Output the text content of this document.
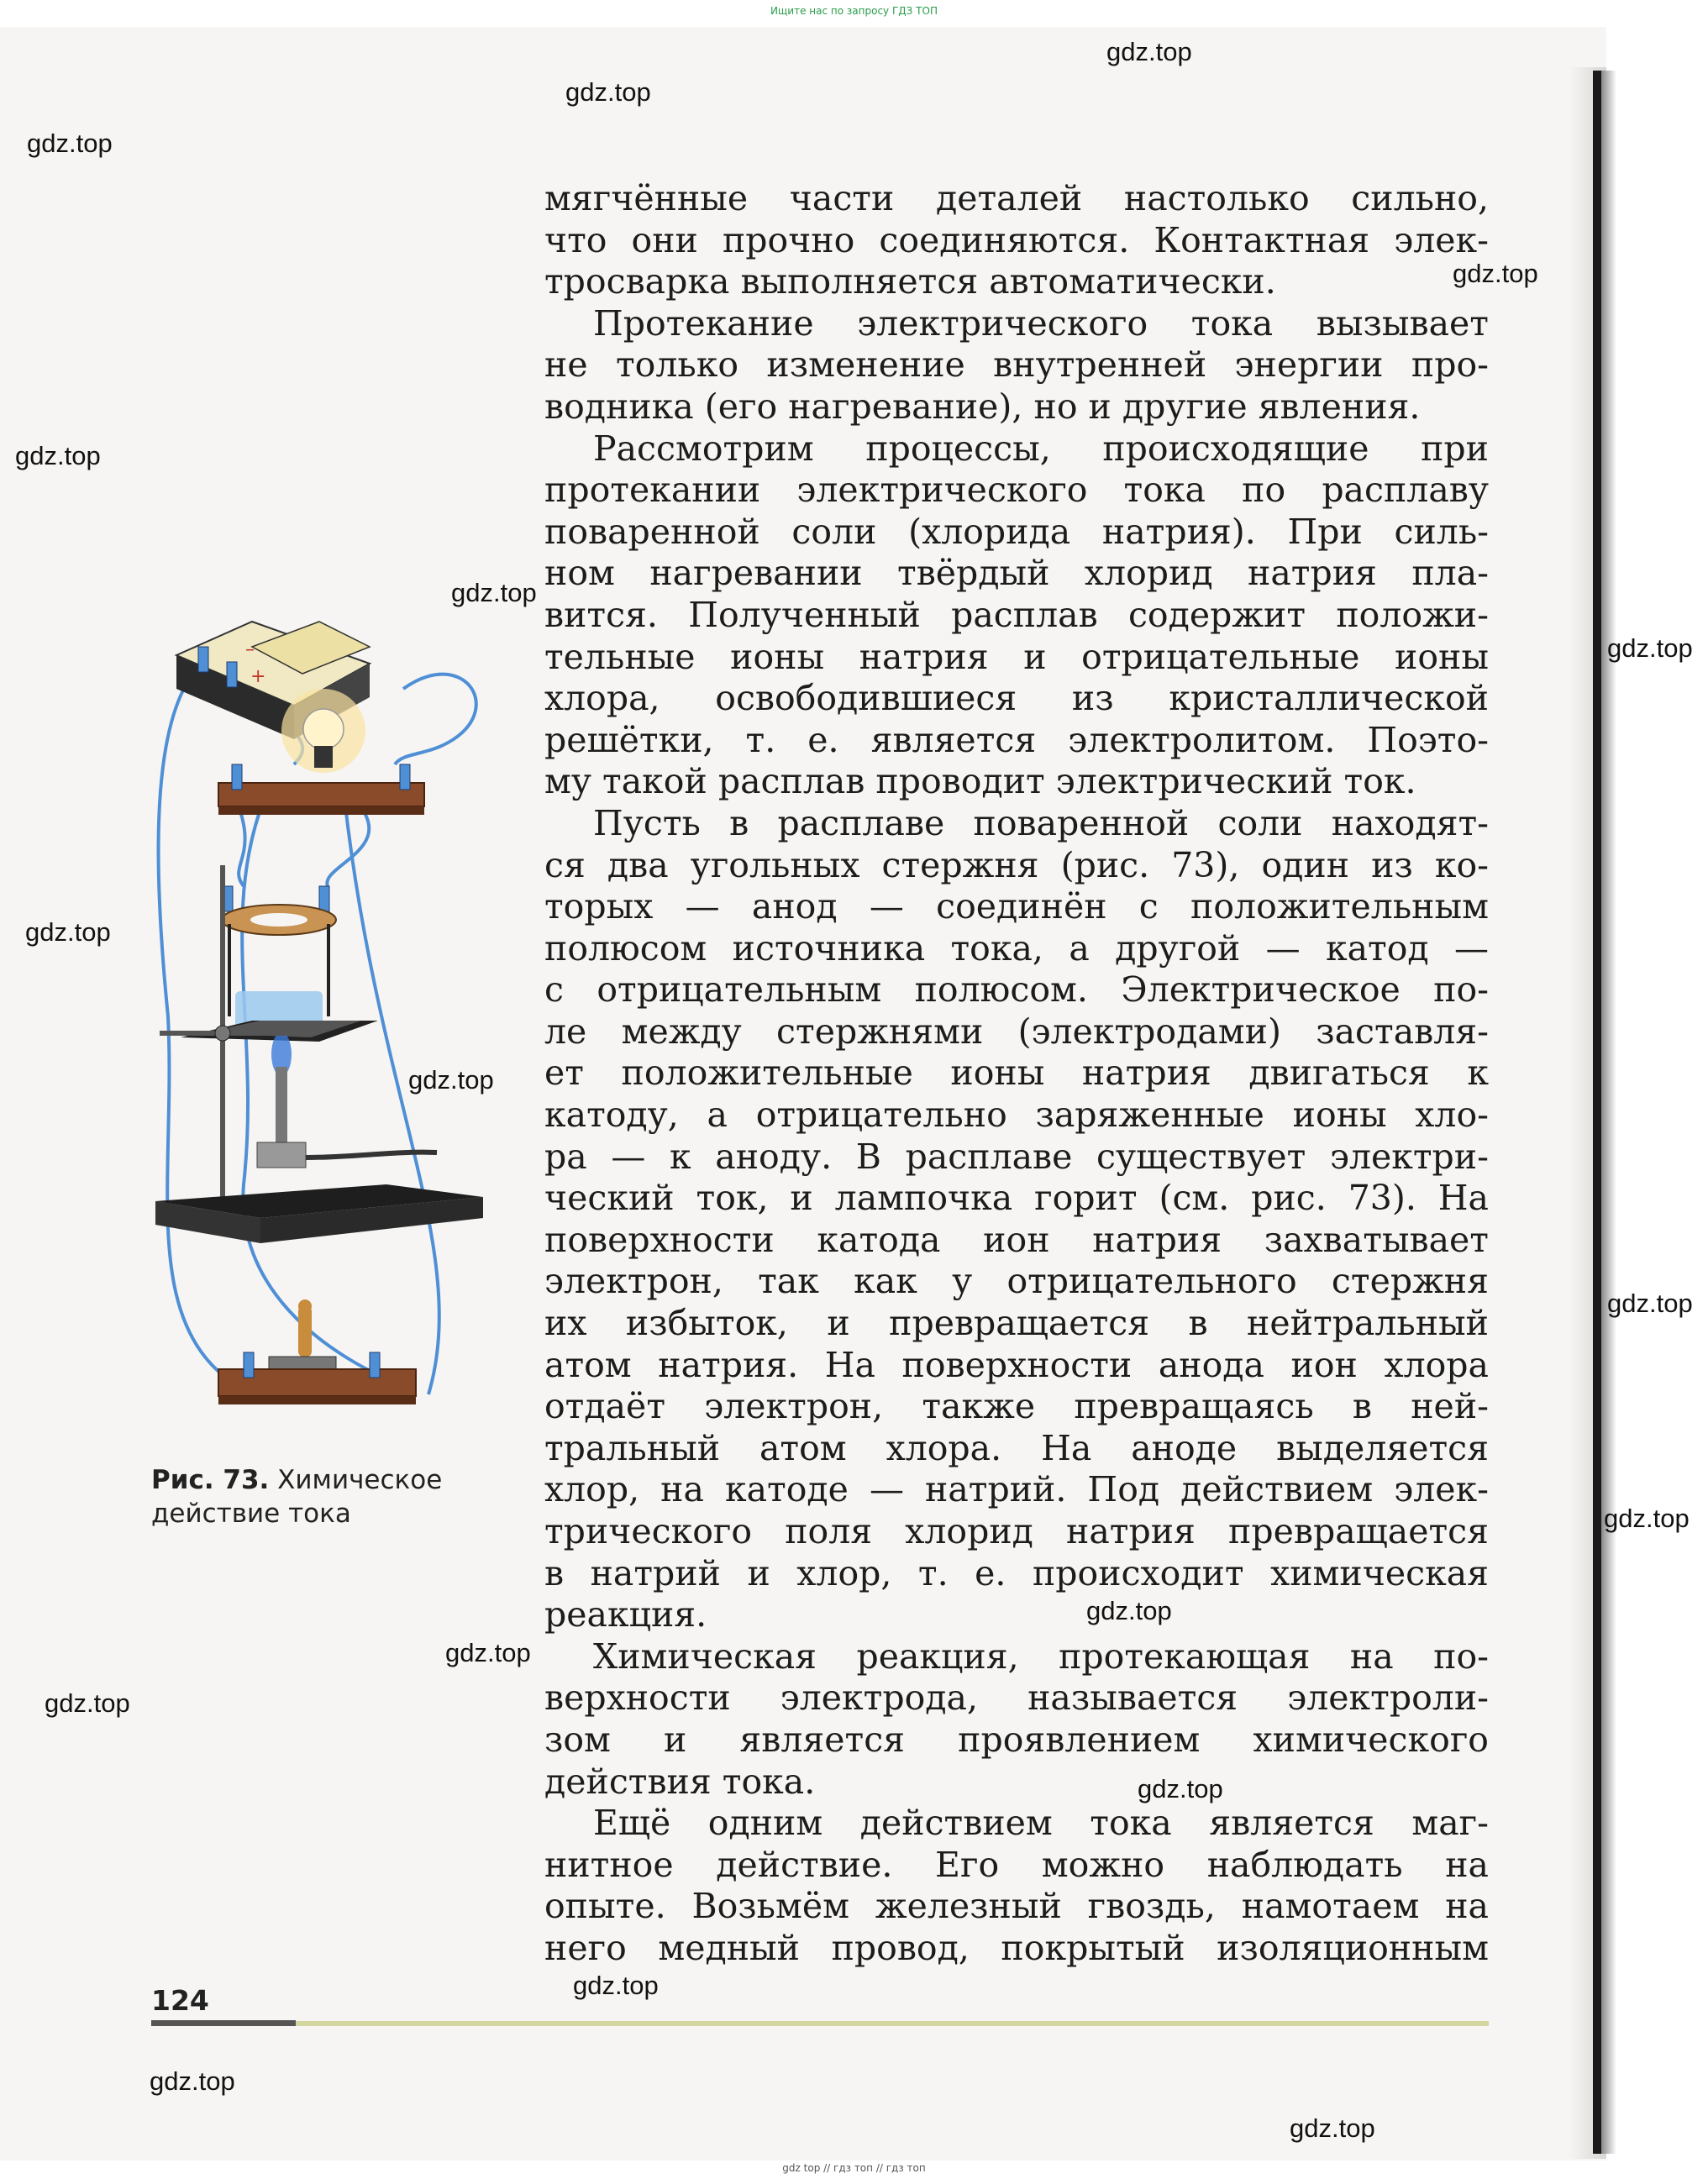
Ищите нас по запросу ГДЗ ТОП
мягчённые части деталей настолько сильно,
что они прочно соединяются. Контактная элек-
тросварка выполняется автоматически.
Протекание электрического тока вызывает
не только изменение внутренней энергии про-
водника (его нагревание), но и другие явления.
Рассмотрим процессы, происходящие при
протекании электрического тока по расплаву
поваренной соли (хлорида натрия). При силь-
ном нагревании твёрдый хлорид натрия пла-
вится. Полученный расплав содержит положи-
тельные ионы натрия и отрицательные ионы
хлора, освободившиеся из кристаллической
решётки, т. е. является электролитом. Поэто-
му такой расплав проводит электрический ток.
Пусть в расплаве поваренной соли находят-
ся два угольных стержня (рис. 73), один из ко-
торых — анод — соединён с положительным
полюсом источника тока, а другой — катод —
с отрицательным полюсом. Электрическое по-
ле между стержнями (электродами) заставля-
ет положительные ионы натрия двигаться к
катоду, а отрицательно заряженные ионы хло-
ра — к аноду. В расплаве существует электри-
ческий ток, и лампочка горит (см. рис. 73). На
поверхности катода ион натрия захватывает
электрон, так как у отрицательного стержня
их избыток, и превращается в нейтральный
атом натрия. На поверхности анода ион хлора
отдаёт электрон, также превращаясь в ней-
тральный атом хлора. На аноде выделяется
хлор, на катоде — натрий. Под действием элек-
трического поля хлорид натрия превращается
в натрий и хлор, т. е. происходит химическая
реакция.
Химическая реакция, протекающая на по-
верхности электрода, называется электроли-
зом и является проявлением химического
действия тока.
Ещё одним действием тока является маг-
нитное действие. Его можно наблюдать на
опыте. Возьмём железный гвоздь, намотаем на
него медный провод, покрытый изоляционным
–
+
Рис. 73. Химическое действие тока
124
gdz.top
gdz.top
gdz.top
gdz.top
gdz.top
gdz.top
gdz.top
gdz.top
gdz.top
gdz.top
gdz.top
gdz.top
gdz.top
gdz.top
gdz.top
gdz.top
gdz.top
gdz.top
gdz top // гдз топ // гдз топ
